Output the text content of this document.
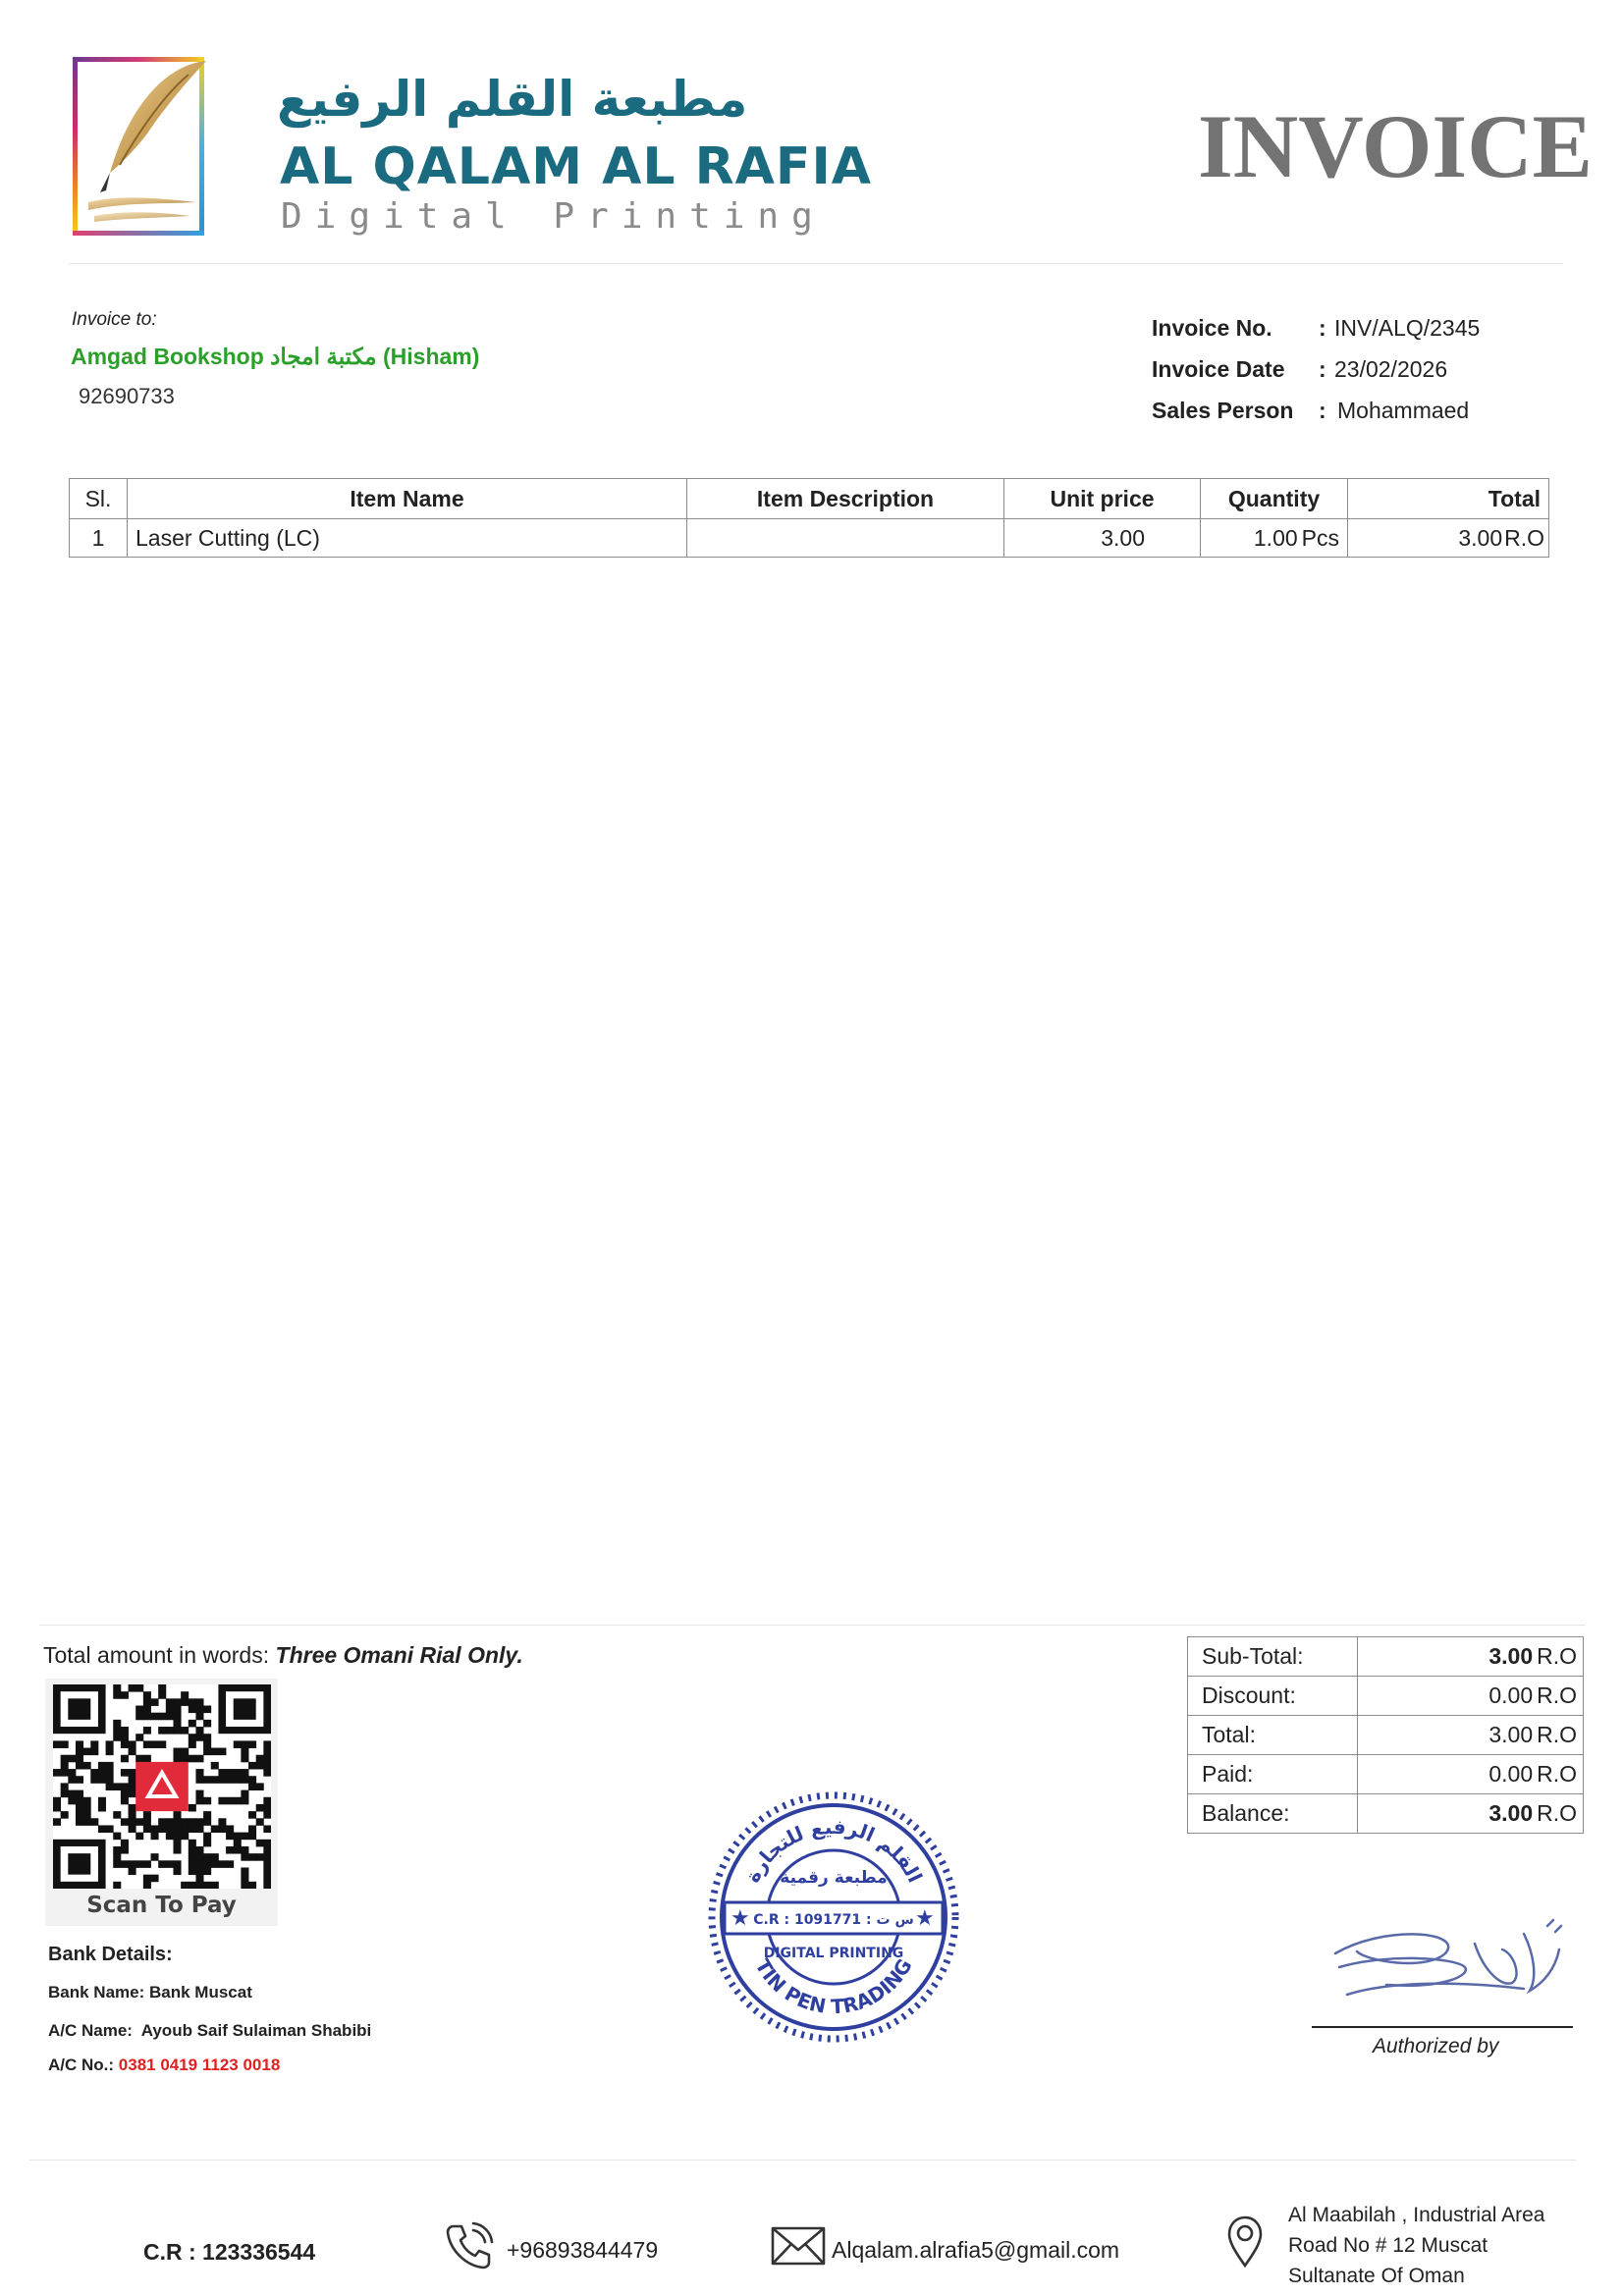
مطبعة القلم الرفيع
AL QALAM AL RAFIA
Digital Printing
INVOICE
Invoice to:
Amgad Bookshop مكتبة امجاد (Hisham)
92690733
Invoice No. : INV/ALQ/2345
Invoice Date : 23/02/2026
Sales Person : Mohammaed
Sl.	Item Name	Item Description	Unit price	Quantity	Total
1	Laser Cutting (LC)		3.00	1.00 Pcs	3.00R.O
Total amount in words: Three Omani Rial Only.
Scan To Pay
Bank Details:
Bank Name: Bank Muscat
A/C Name: Ayoub Saif Sulaiman Shabibi
A/C No.: 0381 0419 1123 0018
القلم الرفيع للتجارة
مطبعة رقمية
★	★
C.R : 1091771 : س ت
DIGITAL PRINTING
TIN PEN TRADING
Sub-Total:	3.00 R.O
Discount:	0.00 R.O
Total:	3.00 R.O
Paid:	0.00 R.O
Balance:	3.00 R.O
Authorized by
C.R : 123336544	+96893844479	Alqalam.alrafia5@gmail.com
Al Maabilah , Industrial Area
Road No # 12 Muscat
Sultanate Of Oman
